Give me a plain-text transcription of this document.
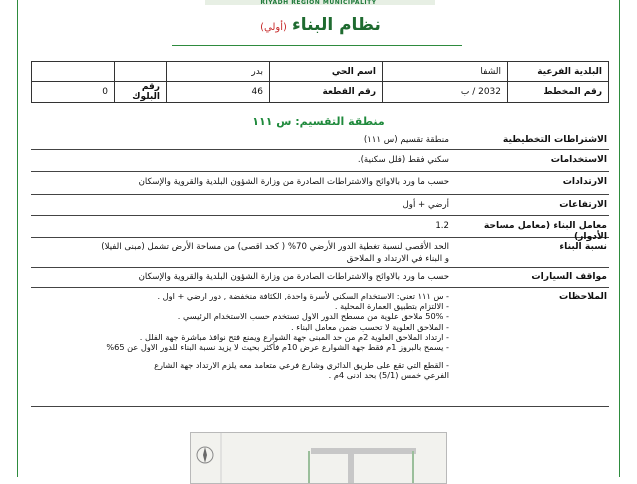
RIYADH REGION MUNICIPALITY
نظام البناء (أولي)
البلدية الفرعية	الشفا	اسم الحي	بدر		
رقم المخطط	2032 / ب	رقم القطعة	46	رقم البلوك	0
منطقة التقسيم: س ١١١
الاشتراطات التخطيطية
منطقة تقسيم (س ١١١)
الاستخدامات
سكني فقط (فلل سكنية).
الارتدادات
حسب ما ورد بالاوائح والاشتراطات الصادرة من وزارة الشؤون البلدية والقروية والإسكان
الارتفاعات
أرضي + أول
معامل البناء (معامل مساحة الأدوار)
1.2
نسبة البناء
الحد الأقصى لنسبة تغطية الدور الأرضي 70% ( كحد اقصى) من مساحة الأرض تشمل (مبنى الفيلا)
و البناء في الارتداد و الملاحق
مواقف السيارات
حسب ما ورد بالاوائح والاشتراطات الصادرة من وزارة الشؤون البلدية والقروية والإسكان
الملاحظات
- س ١١١ تعني: الاستخدام السكني لأسرة واحدة, الكثافة منخفضة , دور ارضي + اول .
- الالتزام بتطبيق العمارة المحلية .
- 50% ملاحق علوية من مسطح الدور الاول تستخدم حسب الاستخدام الرئيسي .
- الملاحق العلوية لا تحسب ضمن معامل البناء .
- ارتداد الملاحق العلوية 2م من حد المبنى جهة الشوارع ويمنع فتح نوافذ مباشرة جهة الفلل .
- يسمح بالبروز 1م فقط جهة الشوارع عرض 10م فأكثر بحيث لا يزيد نسبة البناء للدور الاول عن 65%
- القطع التي تقع على طريق الدائري وشارع فرعي متعامد معه يلزم الارتداد جهة الشارع
الفرعي خمس (5/1) بحد ادنى 4م .
